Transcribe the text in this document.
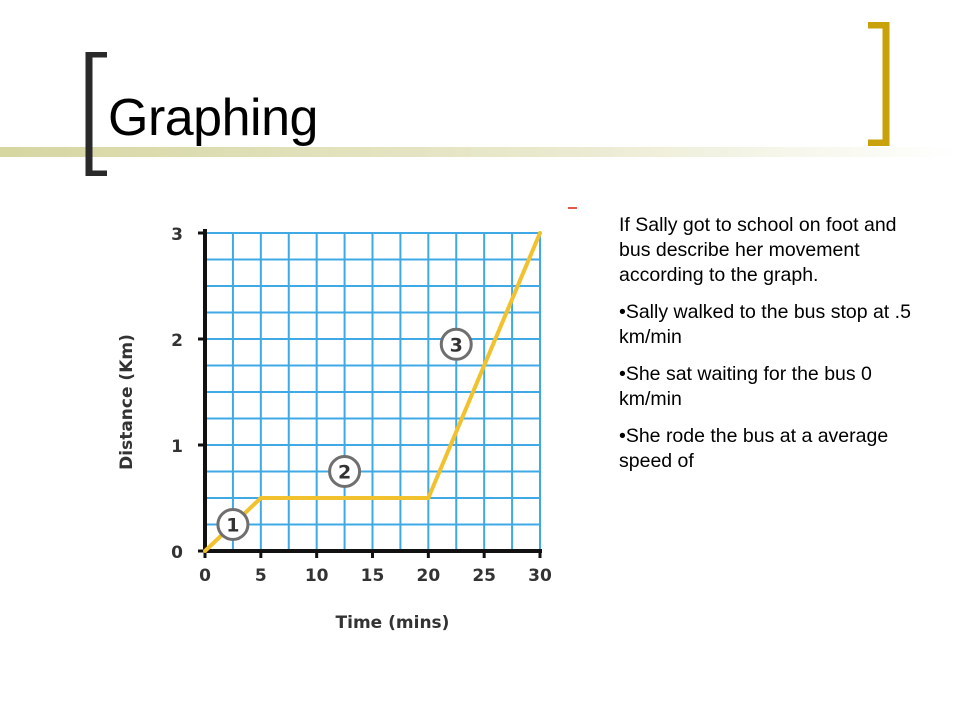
Graphing
0	5 10 15 20 25 30
0
1
2
3
Time (mins)
Distance (Km)
1
2
3

If Sally got to school on foot and bus describe her movement according to the graph.

•Sally walked to the bus stop at .5 km/min

•She sat waiting for the bus 0 km/min

•She rode the bus at a average speed of
